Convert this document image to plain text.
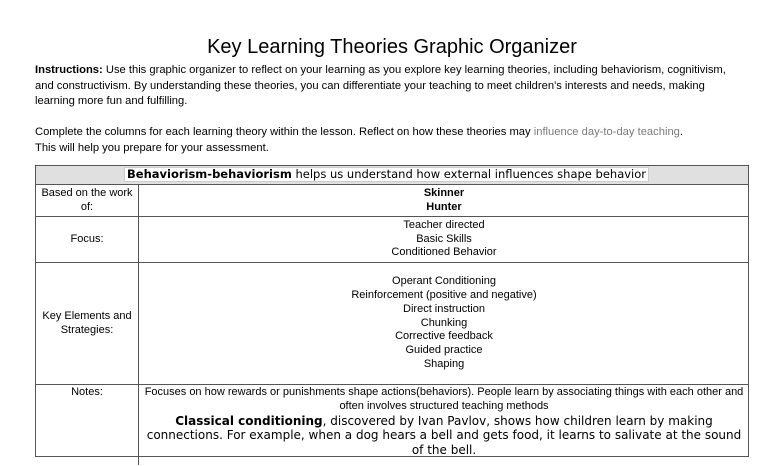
Key Learning Theories Graphic Organizer
Instructions: Use this graphic organizer to reflect on your learning as you explore key learning theories, including behaviorism, cognitivism, and constructivism. By understanding these theories, you can differentiate your teaching to meet children's interests and needs, making learning more fun and fulfilling.
Complete the columns for each learning theory within the lesson. Reflect on how these theories may influence day-to-day teaching.
This will help you prepare for your assessment.
Behaviorism-behaviorism helps us understand how external influences shape behavior
Based on the work of:
Skinner
Hunter
Focus:
Teacher directed
Basic Skills
Conditioned Behavior
Key Elements and Strategies:
Operant Conditioning
Reinforcement (positive and negative)
Direct instruction
Chunking
Corrective feedback
Guided practice
Shaping
Notes:	Focuses on how rewards or punishments shape actions(behaviors). People learn by associating things with each other and often involves structured teaching methods
Classical conditioning, discovered by Ivan Pavlov, shows how children learn by making connections. For example, when a dog hears a bell and gets food, it learns to salivate at the sound of the bell.
